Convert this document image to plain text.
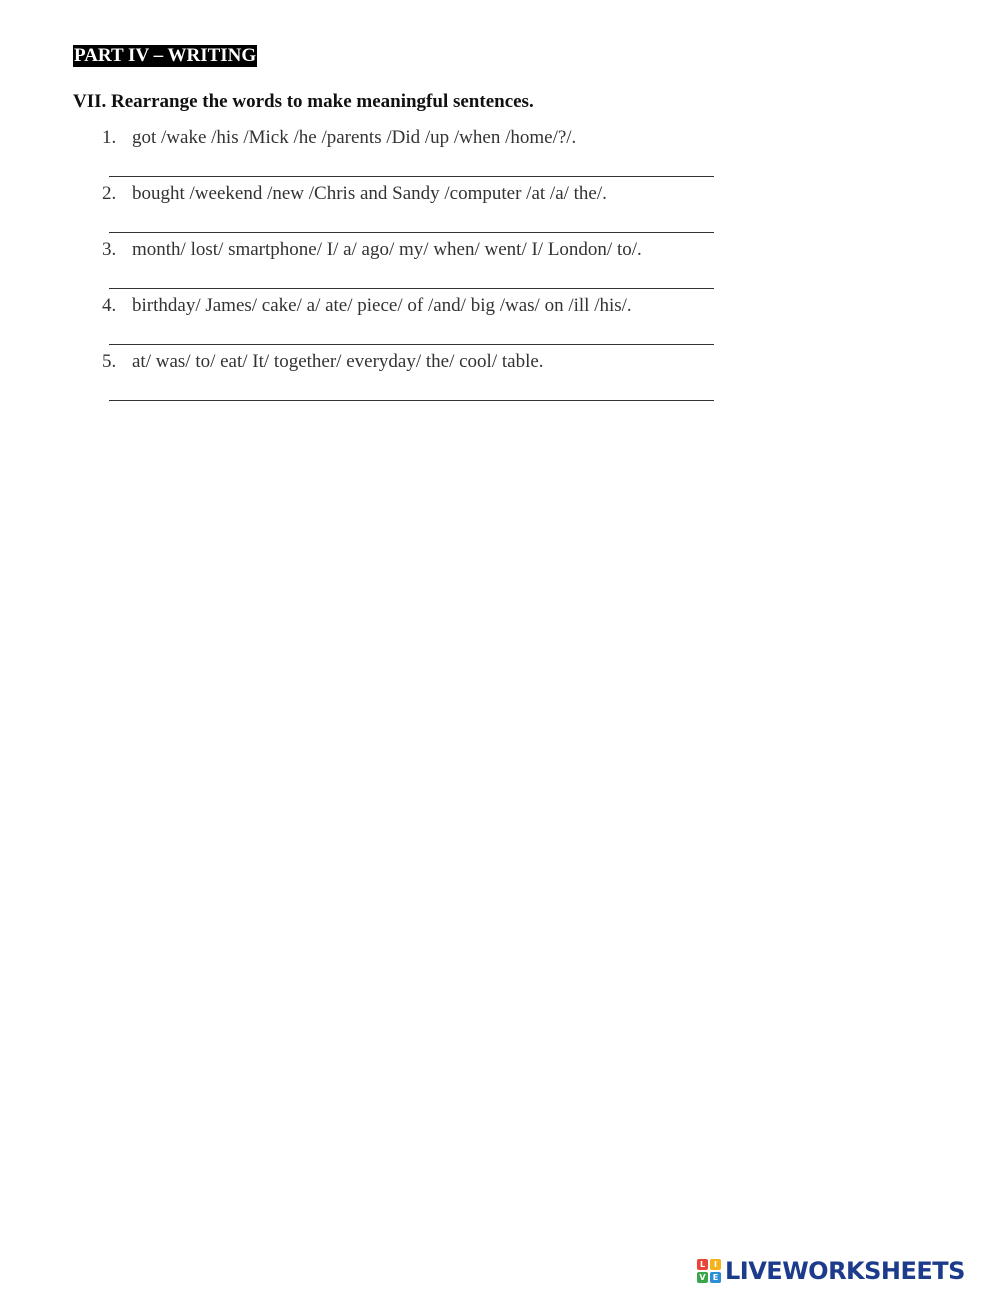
PART IV – WRITING
VII. Rearrange the words to make meaningful sentences.
1. got /wake /his /Mick /he /parents /Did /up /when /home/?/.
2. bought /weekend /new /Chris and Sandy /computer /at /a/ the/.
3. month/ lost/ smartphone/ I/ a/ ago/ my/ when/ went/ I/ London/ to/.
4. birthday/ James/ cake/ a/ ate/ piece/ of /and/ big /was/ on /ill /his/.
5. at/ was/ to/ eat/ It/ together/ everyday/ the/ cool/ table.
L	I
V E LIVEWORKSHEETS
